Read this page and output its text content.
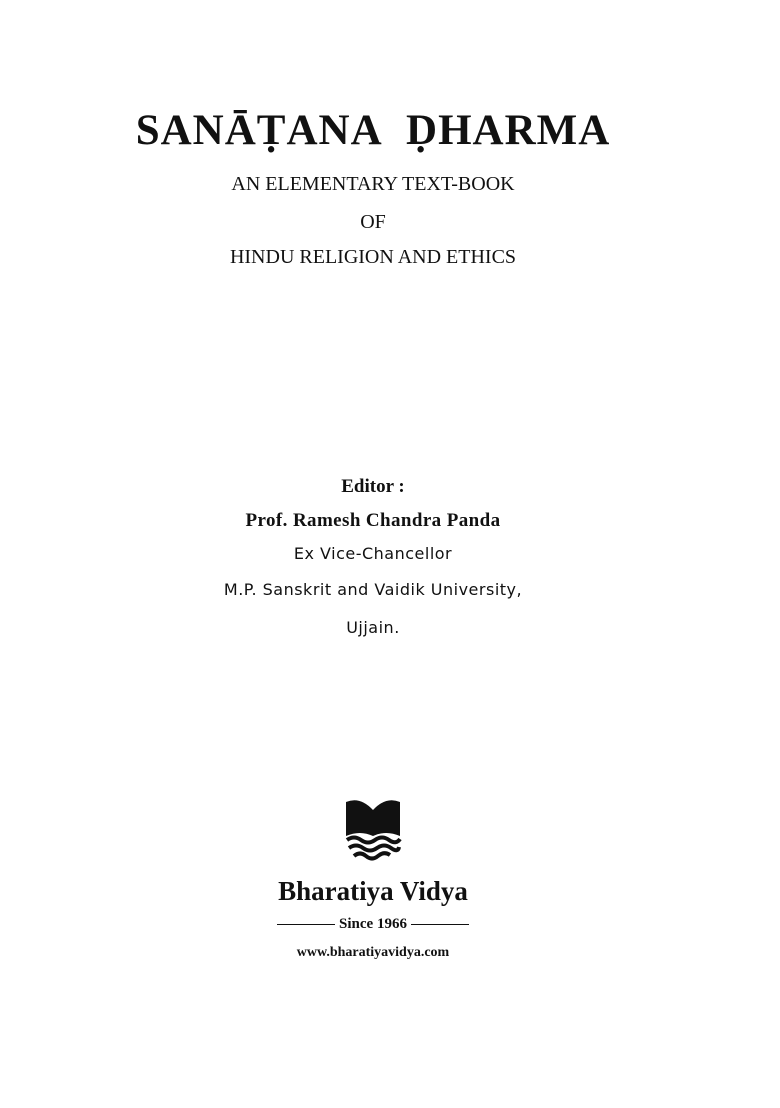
SANĀṬANA ḌHARMA
AN ELEMENTARY TEXT-BOOK
OF
HINDU RELIGION AND ETHICS
Editor :
Prof. Ramesh Chandra Panda
Ex Vice-Chancellor
M.P. Sanskrit and Vaidik University,
Ujjain.
Bharatiya Vidya
Since 1966
www.bharatiyavidya.com
